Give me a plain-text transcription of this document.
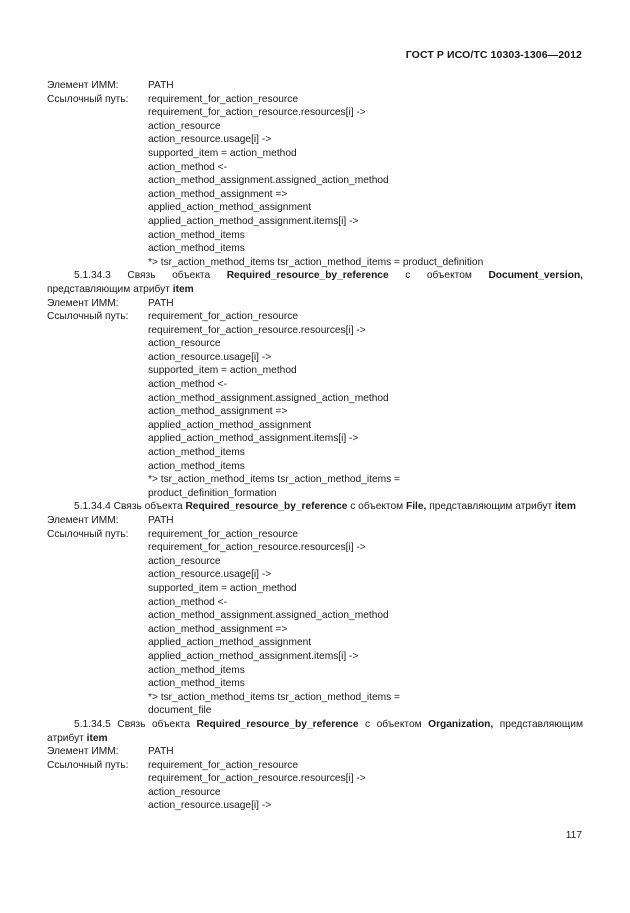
ГОСТ Р ИСО/ТС 10303-1306—2012
Элемент ИММ:	PATH
Ссылочный путь:	requirement_for_action_resource
requirement_for_action_resource.resources[i] ->
action_resource
action_resource.usage[i] ->
supported_item = action_method
action_method <-
action_method_assignment.assigned_action_method
action_method_assignment =>
applied_action_method_assignment
applied_action_method_assignment.items[i] ->
action_method_items
action_method_items
*> tsr_action_method_items tsr_action_method_items = product_definition
5.1.34.3 Связь объекта Required_resource_by_reference с объектом Document_version, представляющим атрибут item
Элемент ИММ:	PATH
Ссылочный путь:	requirement_for_action_resource
requirement_for_action_resource.resources[i] ->
action_resource
action_resource.usage[i] ->
supported_item = action_method
action_method <-
action_method_assignment.assigned_action_method
action_method_assignment =>
applied_action_method_assignment
applied_action_method_assignment.items[i] ->
action_method_items
action_method_items
*> tsr_action_method_items tsr_action_method_items =
product_definition_formation
5.1.34.4 Связь объекта Required_resource_by_reference с объектом File, представляющим атрибут item
Элемент ИММ:	PATH
Ссылочный путь:	requirement_for_action_resource
requirement_for_action_resource.resources[i] ->
action_resource
action_resource.usage[i] ->
supported_item = action_method
action_method <-
action_method_assignment.assigned_action_method
action_method_assignment =>
applied_action_method_assignment
applied_action_method_assignment.items[i] ->
action_method_items
action_method_items
*> tsr_action_method_items tsr_action_method_items =
document_file
5.1.34.5 Связь объекта Required_resource_by_reference с объектом Organization, представляющим атрибут item
Элемент ИММ:	PATH
Ссылочный путь:	requirement_for_action_resource
requirement_for_action_resource.resources[i] ->
action_resource
action_resource.usage[i] ->
117
